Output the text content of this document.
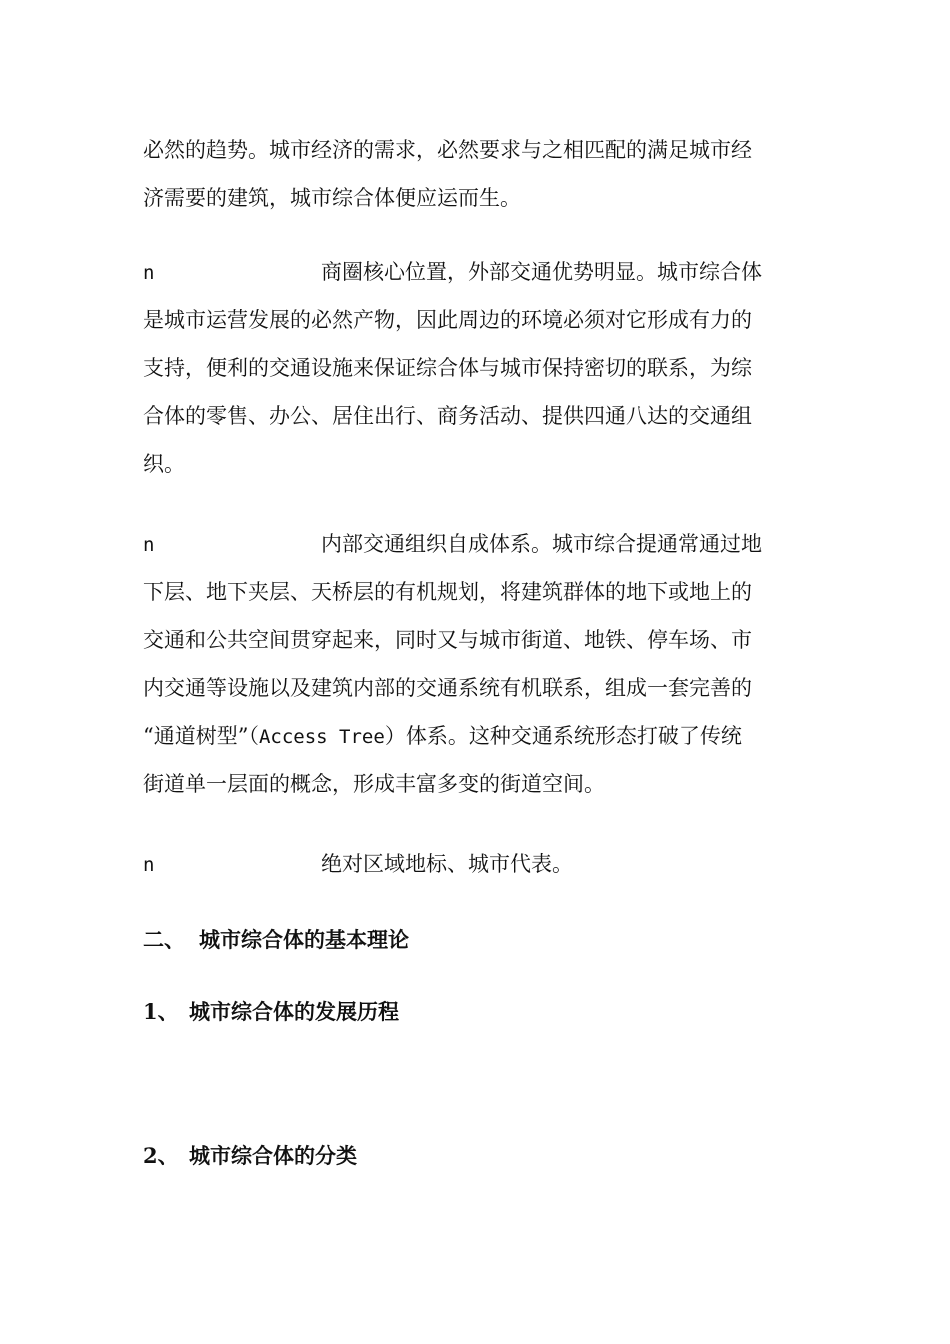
必然的趋势。城市经济的需求，必然要求与之相匹配的满足城市经
济需要的建筑，城市综合体便应运而生。
n	商圈核心位置，外部交通优势明显。城市综合体
是城市运营发展的必然产物，因此周边的环境必须对它形成有力的
支持，便利的交通设施来保证综合体与城市保持密切的联系，为综
合体的零售、办公、居住出行、商务活动、提供四通八达的交通组
织。
n	内部交通组织自成体系。城市综合提通常通过地
下层、地下夹层、天桥层的有机规划，将建筑群体的地下或地上的
交通和公共空间贯穿起来，同时又与城市街道、地铁、停车场、市
内交通等设施以及建筑内部的交通系统有机联系，组成一套完善的
“通道树型”（Access Tree）体系。这种交通系统形态打破了传统
街道单一层面的概念，形成丰富多变的街道空间。
n	绝对区域地标、城市代表。
二、 城市综合体的基本理论
1、 城市综合体的发展历程
2、 城市综合体的分类
